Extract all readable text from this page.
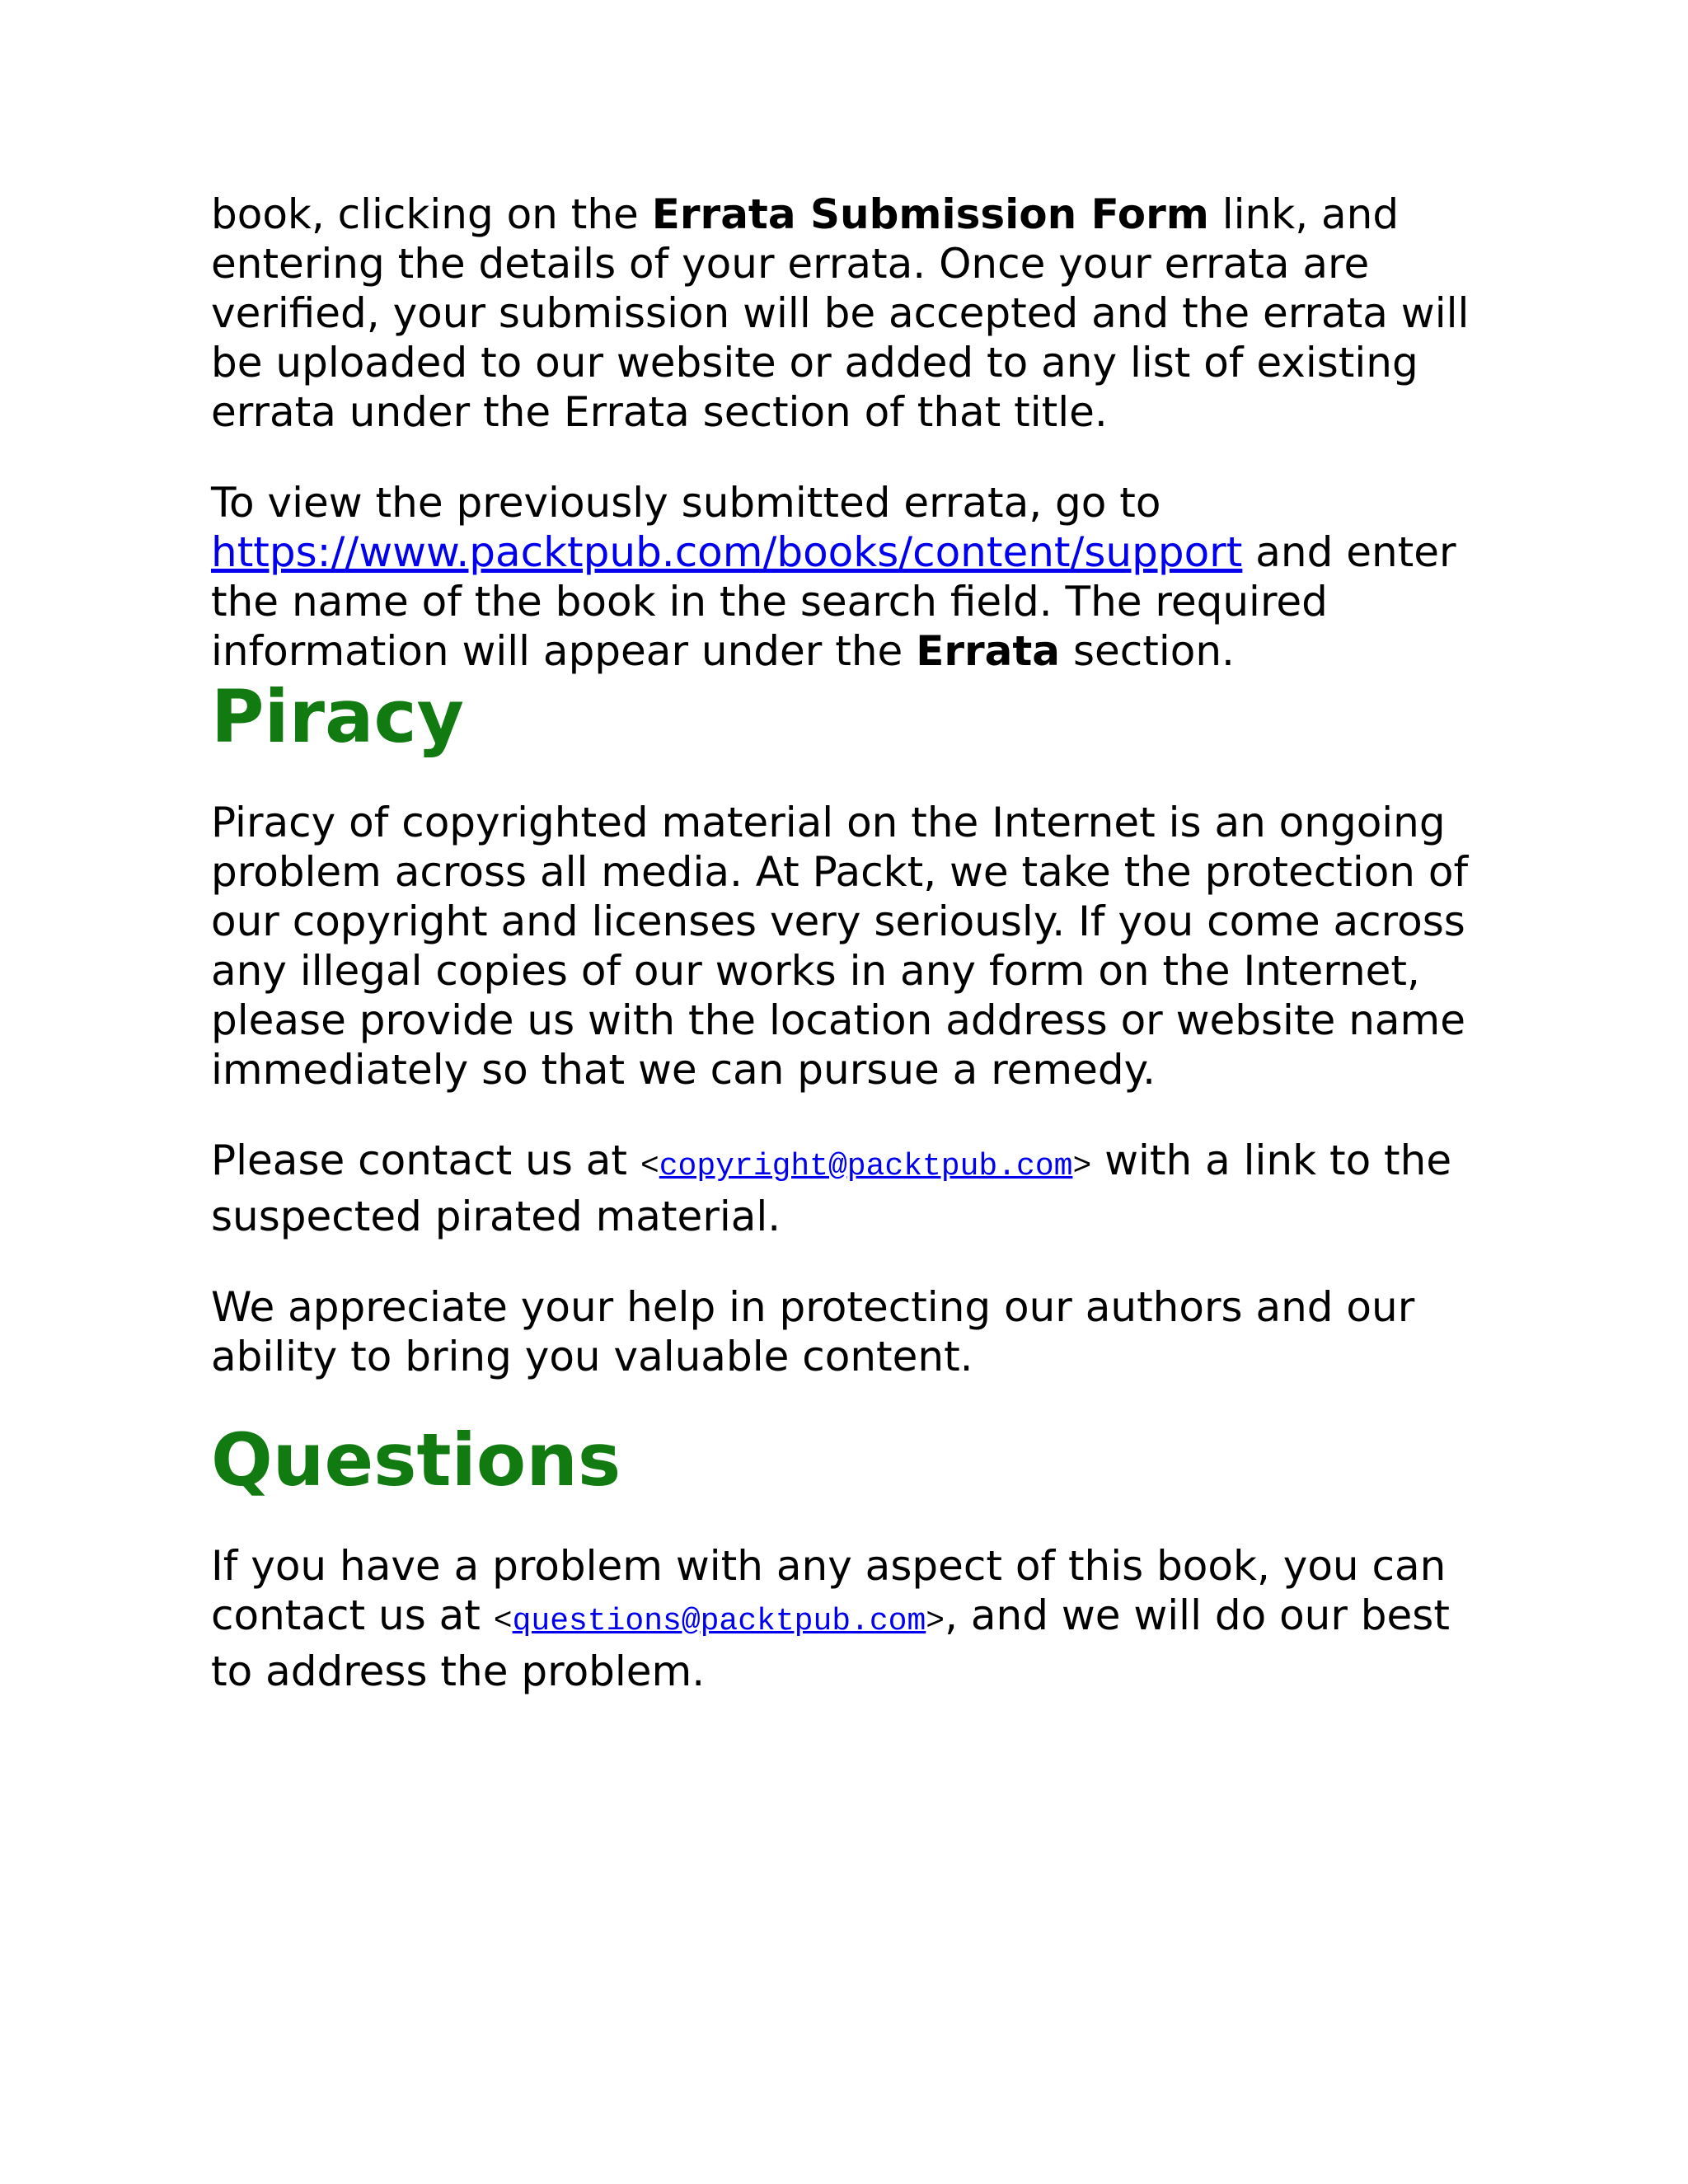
book, clicking on the Errata Submission Form link, and entering the details of your errata. Once your errata are verified, your submission will be accepted and the errata will be uploaded to our website or added to any list of existing errata under the Errata section of that title.

To view the previously submitted errata, go to https://www.packtpub.com/books/content/support and enter the name of the book in the search field. The required information will appear under the Errata section.

Piracy

Piracy of copyrighted material on the Internet is an ongoing problem across all media. At Packt, we take the protection of our copyright and licenses very seriously. If you come across any illegal copies of our works in any form on the Internet, please provide us with the location address or website name immediately so that we can pursue a remedy.

Please contact us at <copyright@packtpub.com> with a link to the suspected pirated material.

We appreciate your help in protecting our authors and our ability to bring you valuable content.

Questions

If you have a problem with any aspect of this book, you can contact us at <questions@packtpub.com>, and we will do our best to address the problem.
